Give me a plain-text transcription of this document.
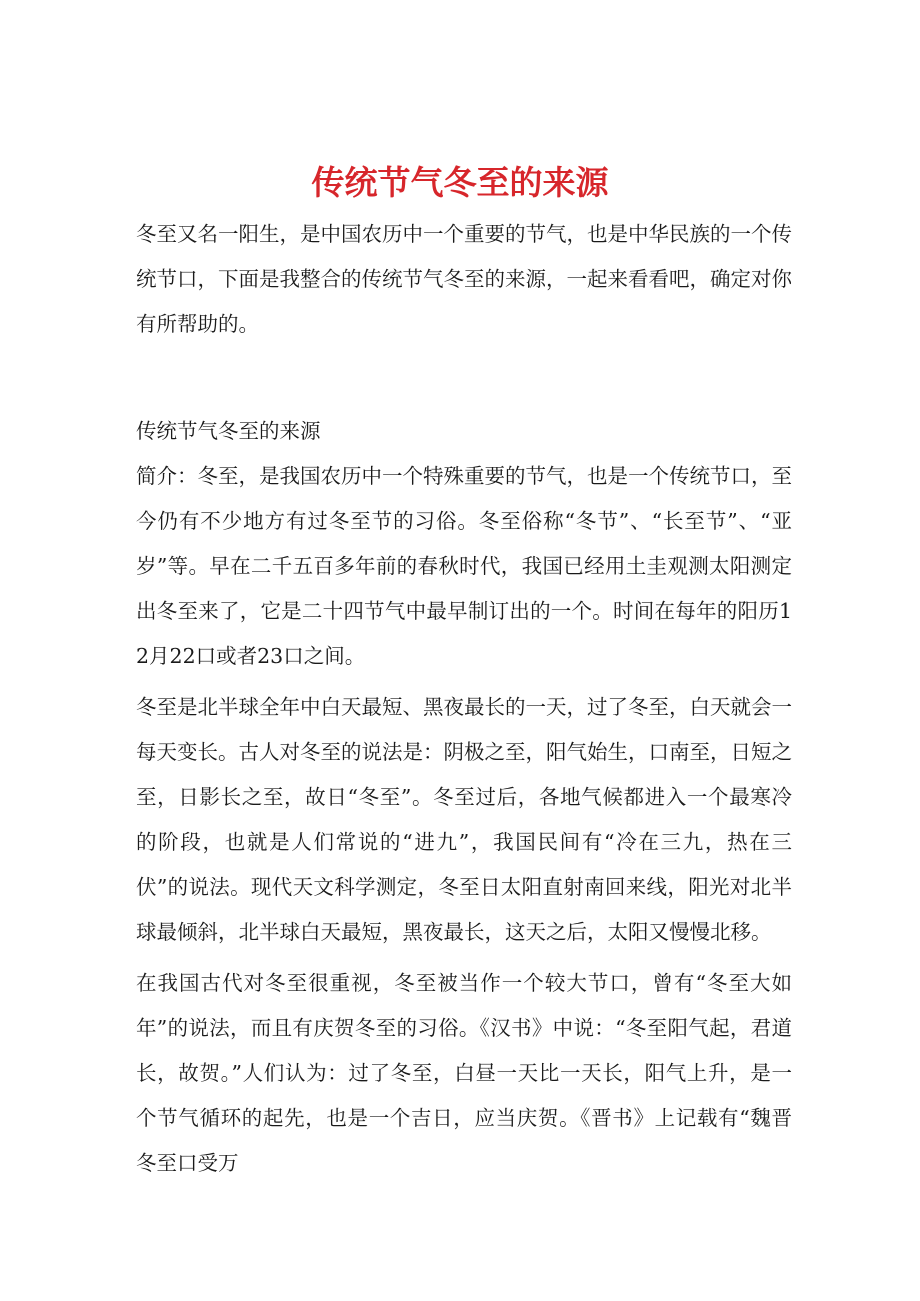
传统节气冬至的来源

冬至又名一阳生，是中国农历中一个重要的节气，也是中华民族的一个传统节口，下面是我整合的传统节气冬至的来源，一起来看看吧，确定对你有所帮助的。

传统节气冬至的来源

简介：冬至，是我国农历中一个特殊重要的节气，也是一个传统节口，至今仍有不少地方有过冬至节的习俗。冬至俗称“冬节”、“长至节”、“亚岁”等。早在二千五百多年前的春秋时代，我国已经用土圭观测太阳测定出冬至来了，它是二十四节气中最早制订出的一个。时间在每年的阳历12月22口或者23口之间。

冬至是北半球全年中白天最短、黑夜最长的一天，过了冬至，白天就会一每天变长。古人对冬至的说法是：阴极之至，阳气始生，口南至，日短之至，日影长之至，故日“冬至”。冬至过后，各地气候都进入一个最寒冷的阶段，也就是人们常说的“进九”，我国民间有“冷在三九，热在三伏”的说法。现代天文科学测定，冬至日太阳直射南回来线，阳光对北半球最倾斜，北半球白天最短，黑夜最长，这天之后，太阳又慢慢北移。

在我国古代对冬至很重视，冬至被当作一个较大节口，曾有“冬至大如年”的说法，而且有庆贺冬至的习俗。《汉书》中说：“冬至阳气起，君道长，故贺。”人们认为：过了冬至，白昼一天比一天长，阳气上升，是一个节气循环的起先，也是一个吉日，应当庆贺。《晋书》上记载有“魏晋冬至口受万
